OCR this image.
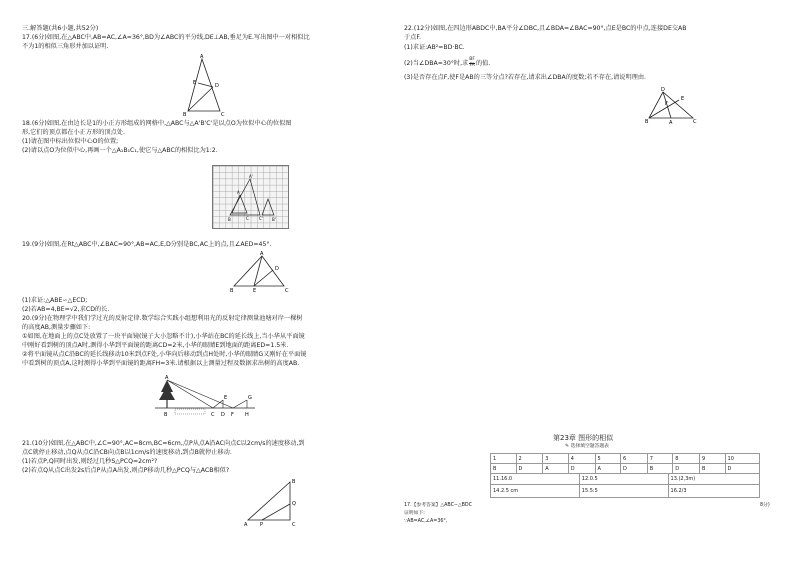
三.解答题(共6小题,共52分)
17.(6分)如图,在△ABC中,AB=AC,∠A=36°,BD为∠ABC的平分线,DE⊥AB,垂足为E.写出图中一对相似比
不为1的相似三角形并加以证明.
A
E	D
B	C
18.(6分)如图,在由边长是1的小正方形组成的网格中,△ABC与△A'B'C'是以点O为位似中心的位似图
形,它们的顶点都在小正方形的顶点处.
(1)请在图中标出位似中心O的位置;
(2)请以点O为位似中心,再画一个△A₁B₁C₁,使它与△ABC的相似比为1:2.
A'
A
B	C	C' B'
19.(9分)如图,在Rt△ABC中,∠BAC=90°,AB=AC,E,D分别是BC,AC上的点,且∠AED=45°.
A
D
B	E	C
(1)求证:△ABE∽△ECD;
(2)若AB=4,BE=√2,求CD的长.
20.(9分)在物理学中我们学过光的反射定律.数学综合实践小组想利用光的反射定律测量池塘对岸一棵树
的高度AB,测量步骤如下:
①如图,在地面上的点C处放置了一块平面镜(镜子大小忽略不计),小华站在BC的延长线上,当小华从平面镜
中刚好看到树的顶点A时,测得小华到平面镜的距离CD=2米,小华的眼睛E到地面的距离ED=1.5米.
②将平面镜从点C沿BC的延长线移动10米到点F处,小华向后移动到点H处时,小华的眼睛G又刚好在平面镜
中看到树的顶点A,这时测得小华到平面镜的距离FH=3米.请根据以上测量过程及数据求出树的高度AB.
A
B	C D F H
E	G
21.(10分)如图,在△ABC中,∠C=90°,AC=8cm,BC=6cm,点P从点A沿AC向点C以2cm/s的速度移动,到
点C就停止移动,点Q从点C沿CB向点B以1cm/s的速度移动,到点B就停止移动.
(1)若点P,Q同时出发,则经过几秒S△PCQ=2cm²?
(2)若点Q从点C出发2s后点P从点A出发,则点P移动几秒△PCQ与△ACB相似?
B
Q
P
A	C
22.(12分)如图,在四边形ABDC中,BA平分∠DBC,且∠BDA=∠BAC=90°,点E是BC的中点,连接DE交AB
于点F.
(1)求证:AB²=BD·BC.
(2)当∠DBA=30°时,求 $\frac{BF}{FA}$ 的值.
(3)是否存在点F,使F是AB的三等分点?若存在,请求出∠DBA的度数;若不存在,请说明理由.
D
F
E
B	A	C
第23章 图形的相似
✎ 选择填空题答题表
1	2	3	4	5	6	7	8	9	10
B	D	A	D	A	D	B	D	B	D
11.16.0	12.0.5	13.(2,3m)
14.2.5 cm	15.5:5	16.2/3
17.【参考答案】△ABC∽△BDC	8分)
证明如下:
∵AB=AC,∠A=36°,
